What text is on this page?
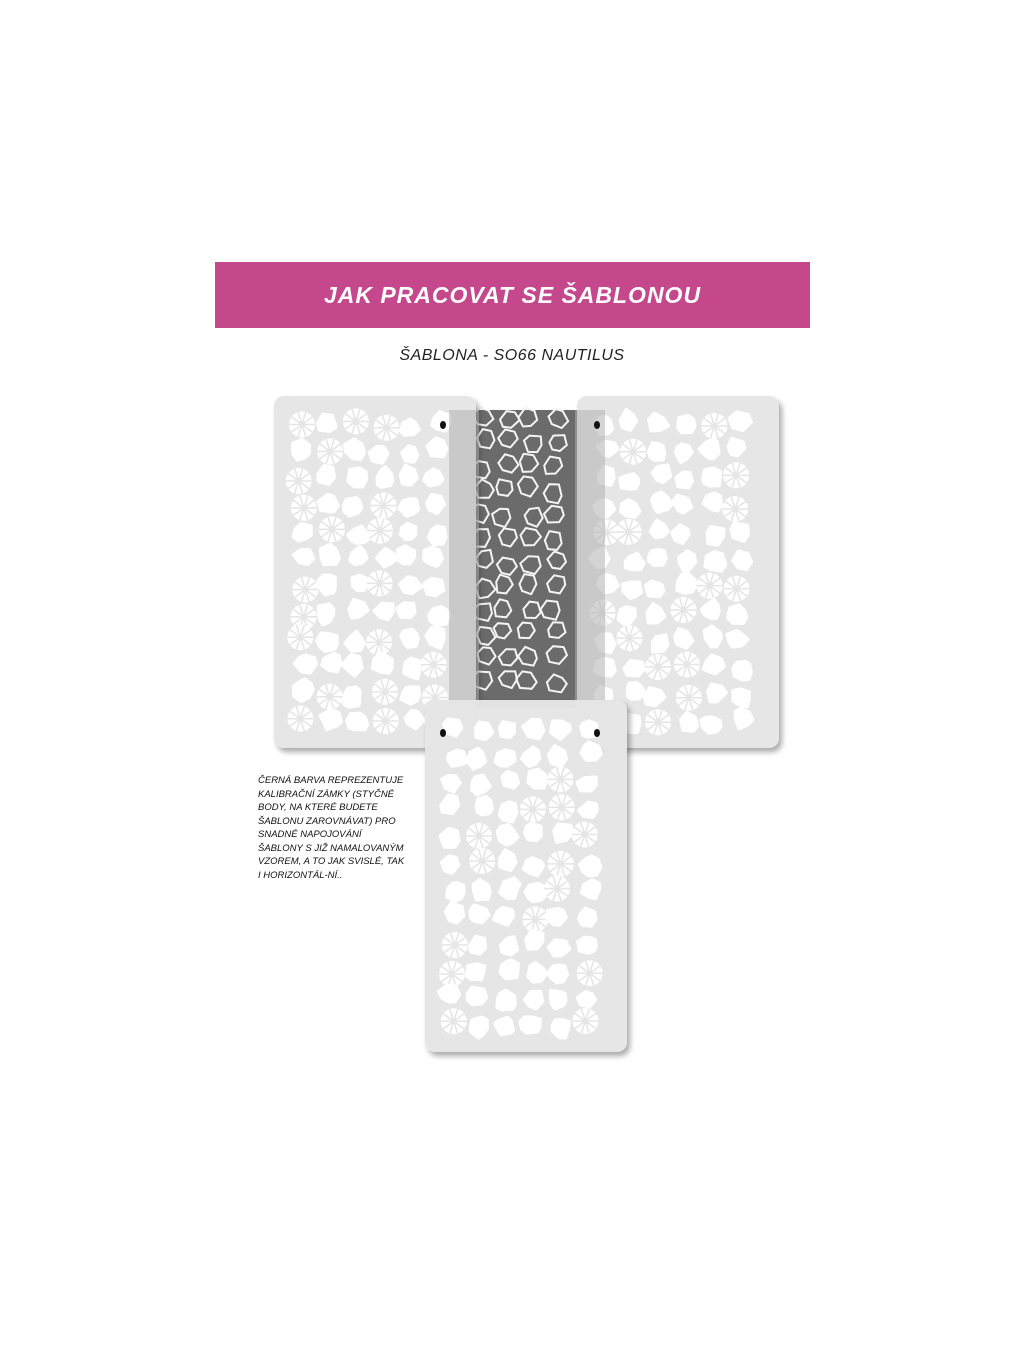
JAK PRACOVAT SE ŠABLONOU
ŠABLONA - SO66 NAUTILUS
ČERNÁ BARVA REPREZENTUJE KALIBRAČNÍ ZÁMKY (STYČNÉ BODY, NA KTERÉ BUDETE ŠABLONU ZAROVNÁVAT) PRO SNADNÉ NAPOJOVÁNÍ ŠABLONY S JIŽ NAMALOVANÝM VZOREM, A TO JAK SVISLÉ, TAK I HORIZONTÁL-NÍ..
